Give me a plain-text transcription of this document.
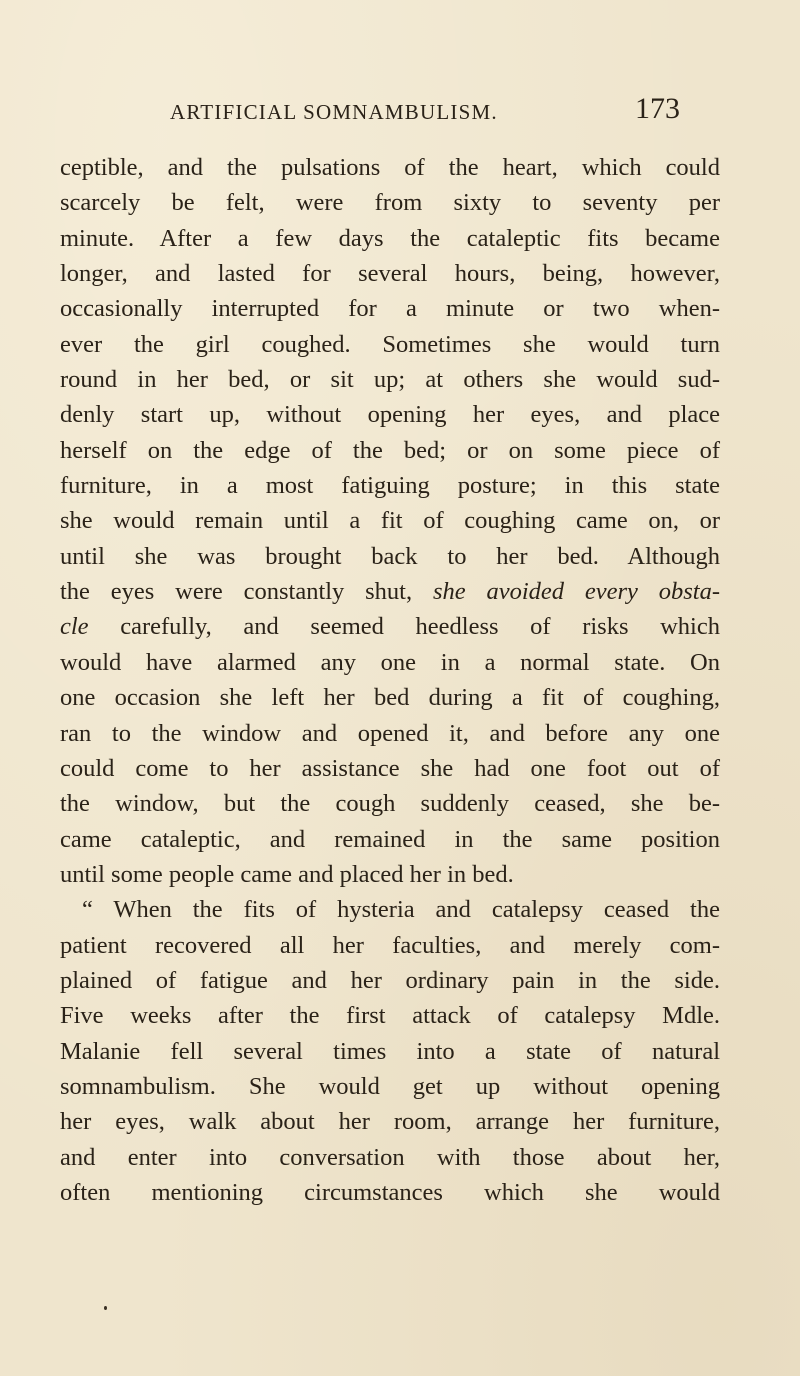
ARTIFICIAL SOMNAMBULISM.	173
ceptible, and the pulsations of the heart, which could
scarcely be felt, were from sixty to seventy per
minute. After a few days the cataleptic fits became
longer, and lasted for several hours, being, however,
occasionally interrupted for a minute or two when-
ever the girl coughed. Sometimes she would turn
round in her bed, or sit up; at others she would sud-
denly start up, without opening her eyes, and place
herself on the edge of the bed; or on some piece of
furniture, in a most fatiguing posture; in this state
she would remain until a fit of coughing came on, or
until she was brought back to her bed. Although
the eyes were constantly shut, she avoided every obsta-
cle carefully, and seemed heedless of risks which
would have alarmed any one in a normal state. On
one occasion she left her bed during a fit of coughing,
ran to the window and opened it, and before any one
could come to her assistance she had one foot out of
the window, but the cough suddenly ceased, she be-
came cataleptic, and remained in the same position
until some people came and placed her in bed.
“ When the fits of hysteria and catalepsy ceased the
patient recovered all her faculties, and merely com-
plained of fatigue and her ordinary pain in the side.
Five weeks after the first attack of catalepsy Mdle.
Malanie fell several times into a state of natural
somnambulism. She would get up without opening
her eyes, walk about her room, arrange her furniture,
and enter into conversation with those about her,
often mentioning circumstances which she would
